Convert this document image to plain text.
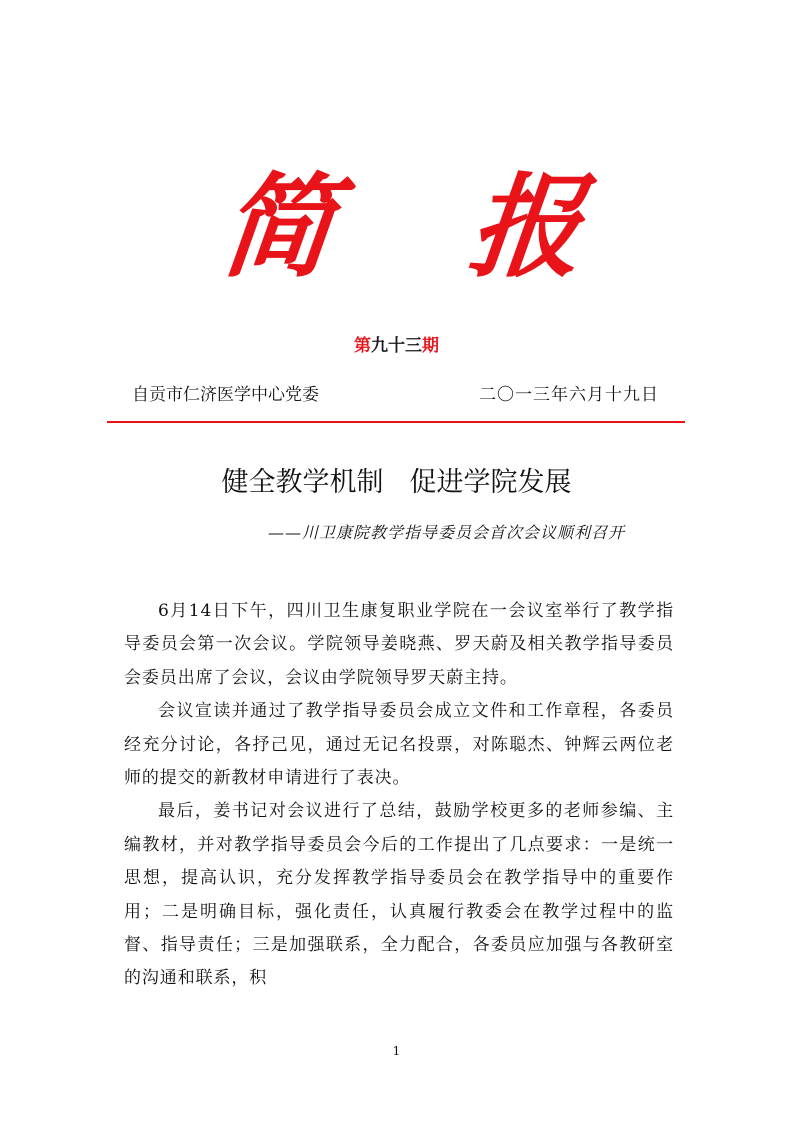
简 报
第九十三期
自贡市仁济医学中心党委	二〇一三年六月十九日
健全教学机制 促进学院发展
——川卫康院教学指导委员会首次会议顺利召开

6月14日下午，四川卫生康复职业学院在一会议室举行了教学指导委员会第一次会议。学院领导姜晓燕、罗天蔚及相关教学指导委员会委员出席了会议，会议由学院领导罗天蔚主持。

会议宣读并通过了教学指导委员会成立文件和工作章程，各委员经充分讨论，各抒己见，通过无记名投票，对陈聪杰、钟辉云两位老师的提交的新教材申请进行了表决。

最后，姜书记对会议进行了总结，鼓励学校更多的老师参编、主编教材，并对教学指导委员会今后的工作提出了几点要求：一是统一思想，提高认识，充分发挥教学指导委员会在教学指导中的重要作用；二是明确目标，强化责任，认真履行教委会在教学过程中的监督、指导责任；三是加强联系，全力配合，各委员应加强与各教研室的沟通和联系，积

1
